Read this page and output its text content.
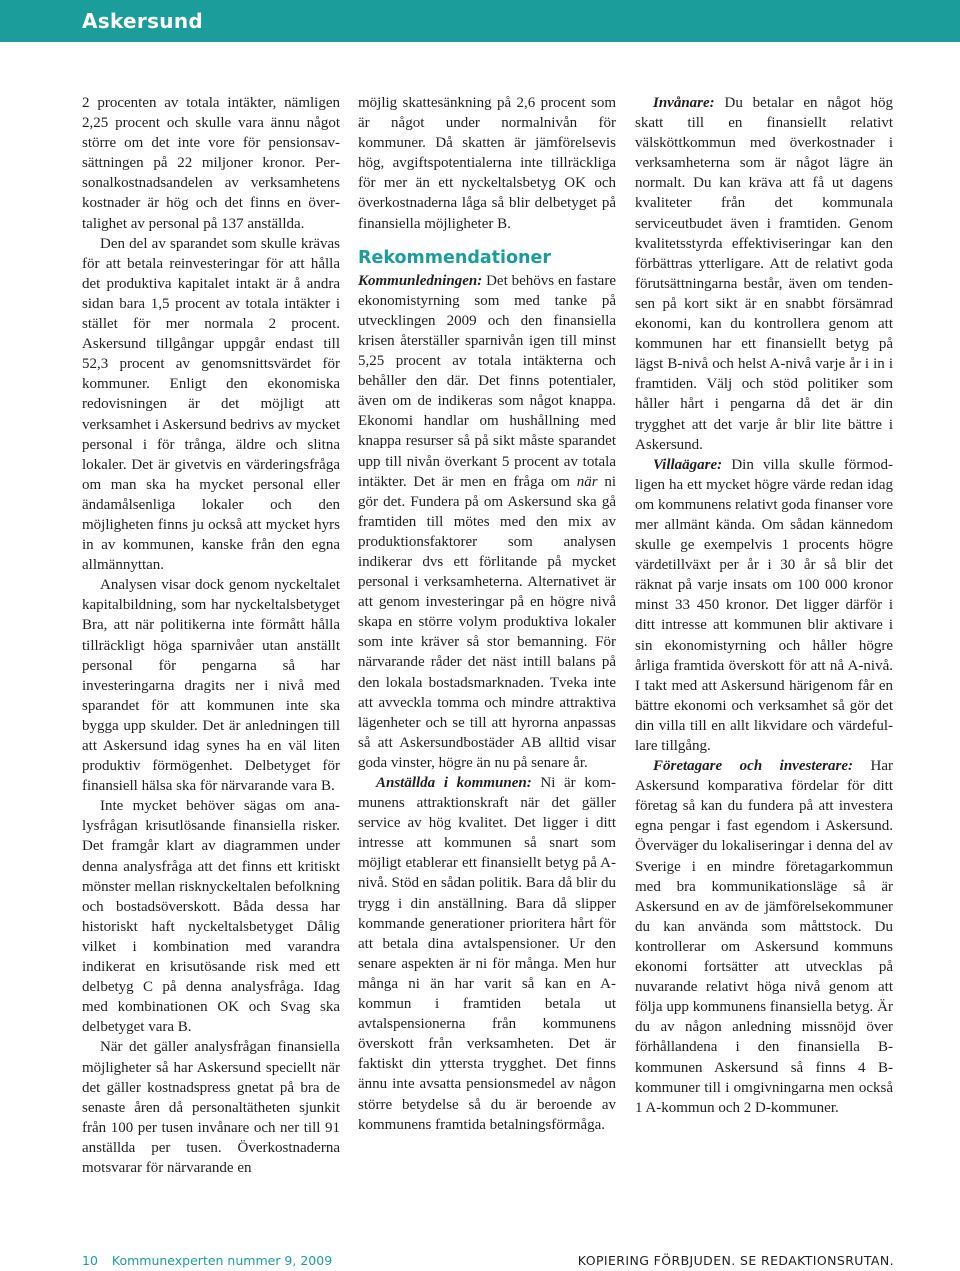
Askersund

2 procenten av totala intäkter, nämligen 2,25 procent och skulle vara ännu något större om det inte vore för pensionsavsättningen på 22 miljoner kronor. Personalkostnadsandelen av verksamhetens kostnader är hög och det finns en övertalighet av personal på 137 anställda.

Den del av sparandet som skulle krävas för att betala reinvesteringar för att hålla det produktiva kapitalet intakt är å andra sidan bara 1,5 procent av totala intäkter i stället för mer normala 2 procent. Askersund tillgångar uppgår endast till 52,3 procent av genomsnittsvärdet för kommuner. Enligt den ekonomiska redovisningen är det möjligt att verksamhet i Askersund bedrivs av mycket personal i för trånga, äldre och slitna lokaler. Det är givetvis en värderingsfråga om man ska ha mycket personal eller ändamålsenliga lokaler och den möjligheten finns ju också att mycket hyrs in av kommunen, kanske från den egna allmännyttan.

Analysen visar dock genom nyckeltalet kapitalbildning, som har nyckeltalsbetyget Bra, att när politikerna inte förmått hålla tillräckligt höga sparnivåer utan anställt personal för pengarna så har investeringarna dragits ner i nivå med sparandet för att kommunen inte ska bygga upp skulder. Det är anledningen till att Askersund idag synes ha en väl liten produktiv förmögenhet. Delbetyget för finansiell hälsa ska för närvarande vara B.

Inte mycket behöver sägas om analysfrågan krisutlösande finansiella risker. Det framgår klart av diagrammen under denna analysfråga att det finns ett kritiskt mönster mellan risknyckeltalen befolkning och bostadsöverskott. Båda dessa har historiskt haft nyckeltalsbetyget Dålig vilket i kombination med varandra indikerat en krisutösande risk med ett delbetyg C på denna analysfråga. Idag med kombinationen OK och Svag ska delbetyget vara B.

När det gäller analysfrågan finansiella möjligheter så har Askersund speciellt när det gäller kostnadspress gnetat på bra de senaste åren då personaltätheten sjunkit från 100 per tusen invånare och ner till 91 anställda per tusen. Överkostnaderna motsvarar för närvarande en

möjlig skattesänkning på 2,6 procent som är något under normalnivån för kommuner. Då skatten är jämförelsevis hög, avgiftspotentialerna inte tillräckliga för mer än ett nyckeltalsbetyg OK och överkostnaderna låga så blir delbetyget på finansiella möjligheter B.

Rekommendationer

Kommunledningen: Det behövs en fastare ekonomistyrning som med tanke på utvecklingen 2009 och den finansiella krisen återställer sparnivån igen till minst 5,25 procent av totala intäkterna och behåller den där. Det finns potentialer, även om de indikeras som något knappa. Ekonomi handlar om hushållning med knappa resurser så på sikt måste sparandet upp till nivån överkant 5 procent av totala intäkter. Det är men en fråga om när ni gör det. Fundera på om Askersund ska gå framtiden till mötes med den mix av produktionsfaktorer som analysen indikerar dvs ett förlitande på mycket personal i verksamheterna. Alternativet är att genom investeringar på en högre nivå skapa en större volym produktiva lokaler som inte kräver så stor bemanning. För närvarande råder det näst intill balans på den lokala bostadsmarknaden. Tveka inte att avveckla tomma och mindre attraktiva lägenheter och se till att hyrorna anpassas så att Askersundbostäder AB alltid visar goda vinster, högre än nu på senare år.

Anställda i kommunen: Ni är kommunens attraktionskraft när det gäller service av hög kvalitet. Det ligger i ditt intresse att kommunen så snart som möjligt etablerar ett finansiellt betyg på A-nivå. Stöd en sådan politik. Bara då blir du trygg i din anställning. Bara då slipper kommande generationer prioritera hårt för att betala dina avtalspensioner. Ur den senare aspekten är ni för många. Men hur många ni än har varit så kan en A-kommun i framtiden betala ut avtalspensionerna från kommunens överskott från verksamheten. Det är faktiskt din yttersta trygghet. Det finns ännu inte avsatta pensionsmedel av någon större betydelse så du är beroende av kommunens framtida betalningsförmåga.

Invånare: Du betalar en något hög skatt till en finansiellt relativt välsköttkommun med överkostnader i verksamheterna som är något lägre än normalt. Du kan kräva att få ut dagens kvaliteter från det kommunala serviceutbudet även i framtiden. Genom kvalitetsstyrda effektiviseringar kan den förbättras ytterligare. Att de relativt goda förutsättningarna består, även om tendensen på kort sikt är en snabbt försämrad ekonomi, kan du kontrollera genom att kommunen har ett finansiellt betyg på lägst B-nivå och helst A-nivå varje år i in i framtiden. Välj och stöd politiker som håller hårt i pengarna då det är din trygghet att det varje år blir lite bättre i Askersund.

Villaägare: Din villa skulle förmodligen ha ett mycket högre värde redan idag om kommunens relativt goda finanser vore mer allmänt kända. Om sådan kännedom skulle ge exempelvis 1 procents högre värdetillväxt per år i 30 år så blir det räknat på varje insats om 100 000 kronor minst 33 450 kronor. Det ligger därför i ditt intresse att kommunen blir aktivare i sin ekonomistyrning och håller högre årliga framtida överskott för att nå A-nivå. I takt med att Askersund härigenom får en bättre ekonomi och verksamhet så gör det din villa till en allt likvidare och värdefullare tillgång.

Företagare och investerare: Har Askersund komparativa fördelar för ditt företag så kan du fundera på att investera egna pengar i fast egendom i Askersund. Överväger du lokaliseringar i denna del av Sverige i en mindre företagarkommun med bra kommunikationsläge så är Askersund en av de jämförelsekommuner du kan använda som måttstock. Du kontrollerar om Askersund kommuns ekonomi fortsätter att utvecklas på nuvarande relativt höga nivå genom att följa upp kommunens finansiella betyg. Är du av någon anledning missnöjd över förhållandena i den finansiella B-kommunen Askersund så finns 4 B-kommuner till i omgivningarna men också 1 A-kommun och 2 D-kommuner.

10 Kommunexperten nummer 9, 2009	KOPIERING FÖRBJUDEN. SE REDAKTIONSRUTAN.
